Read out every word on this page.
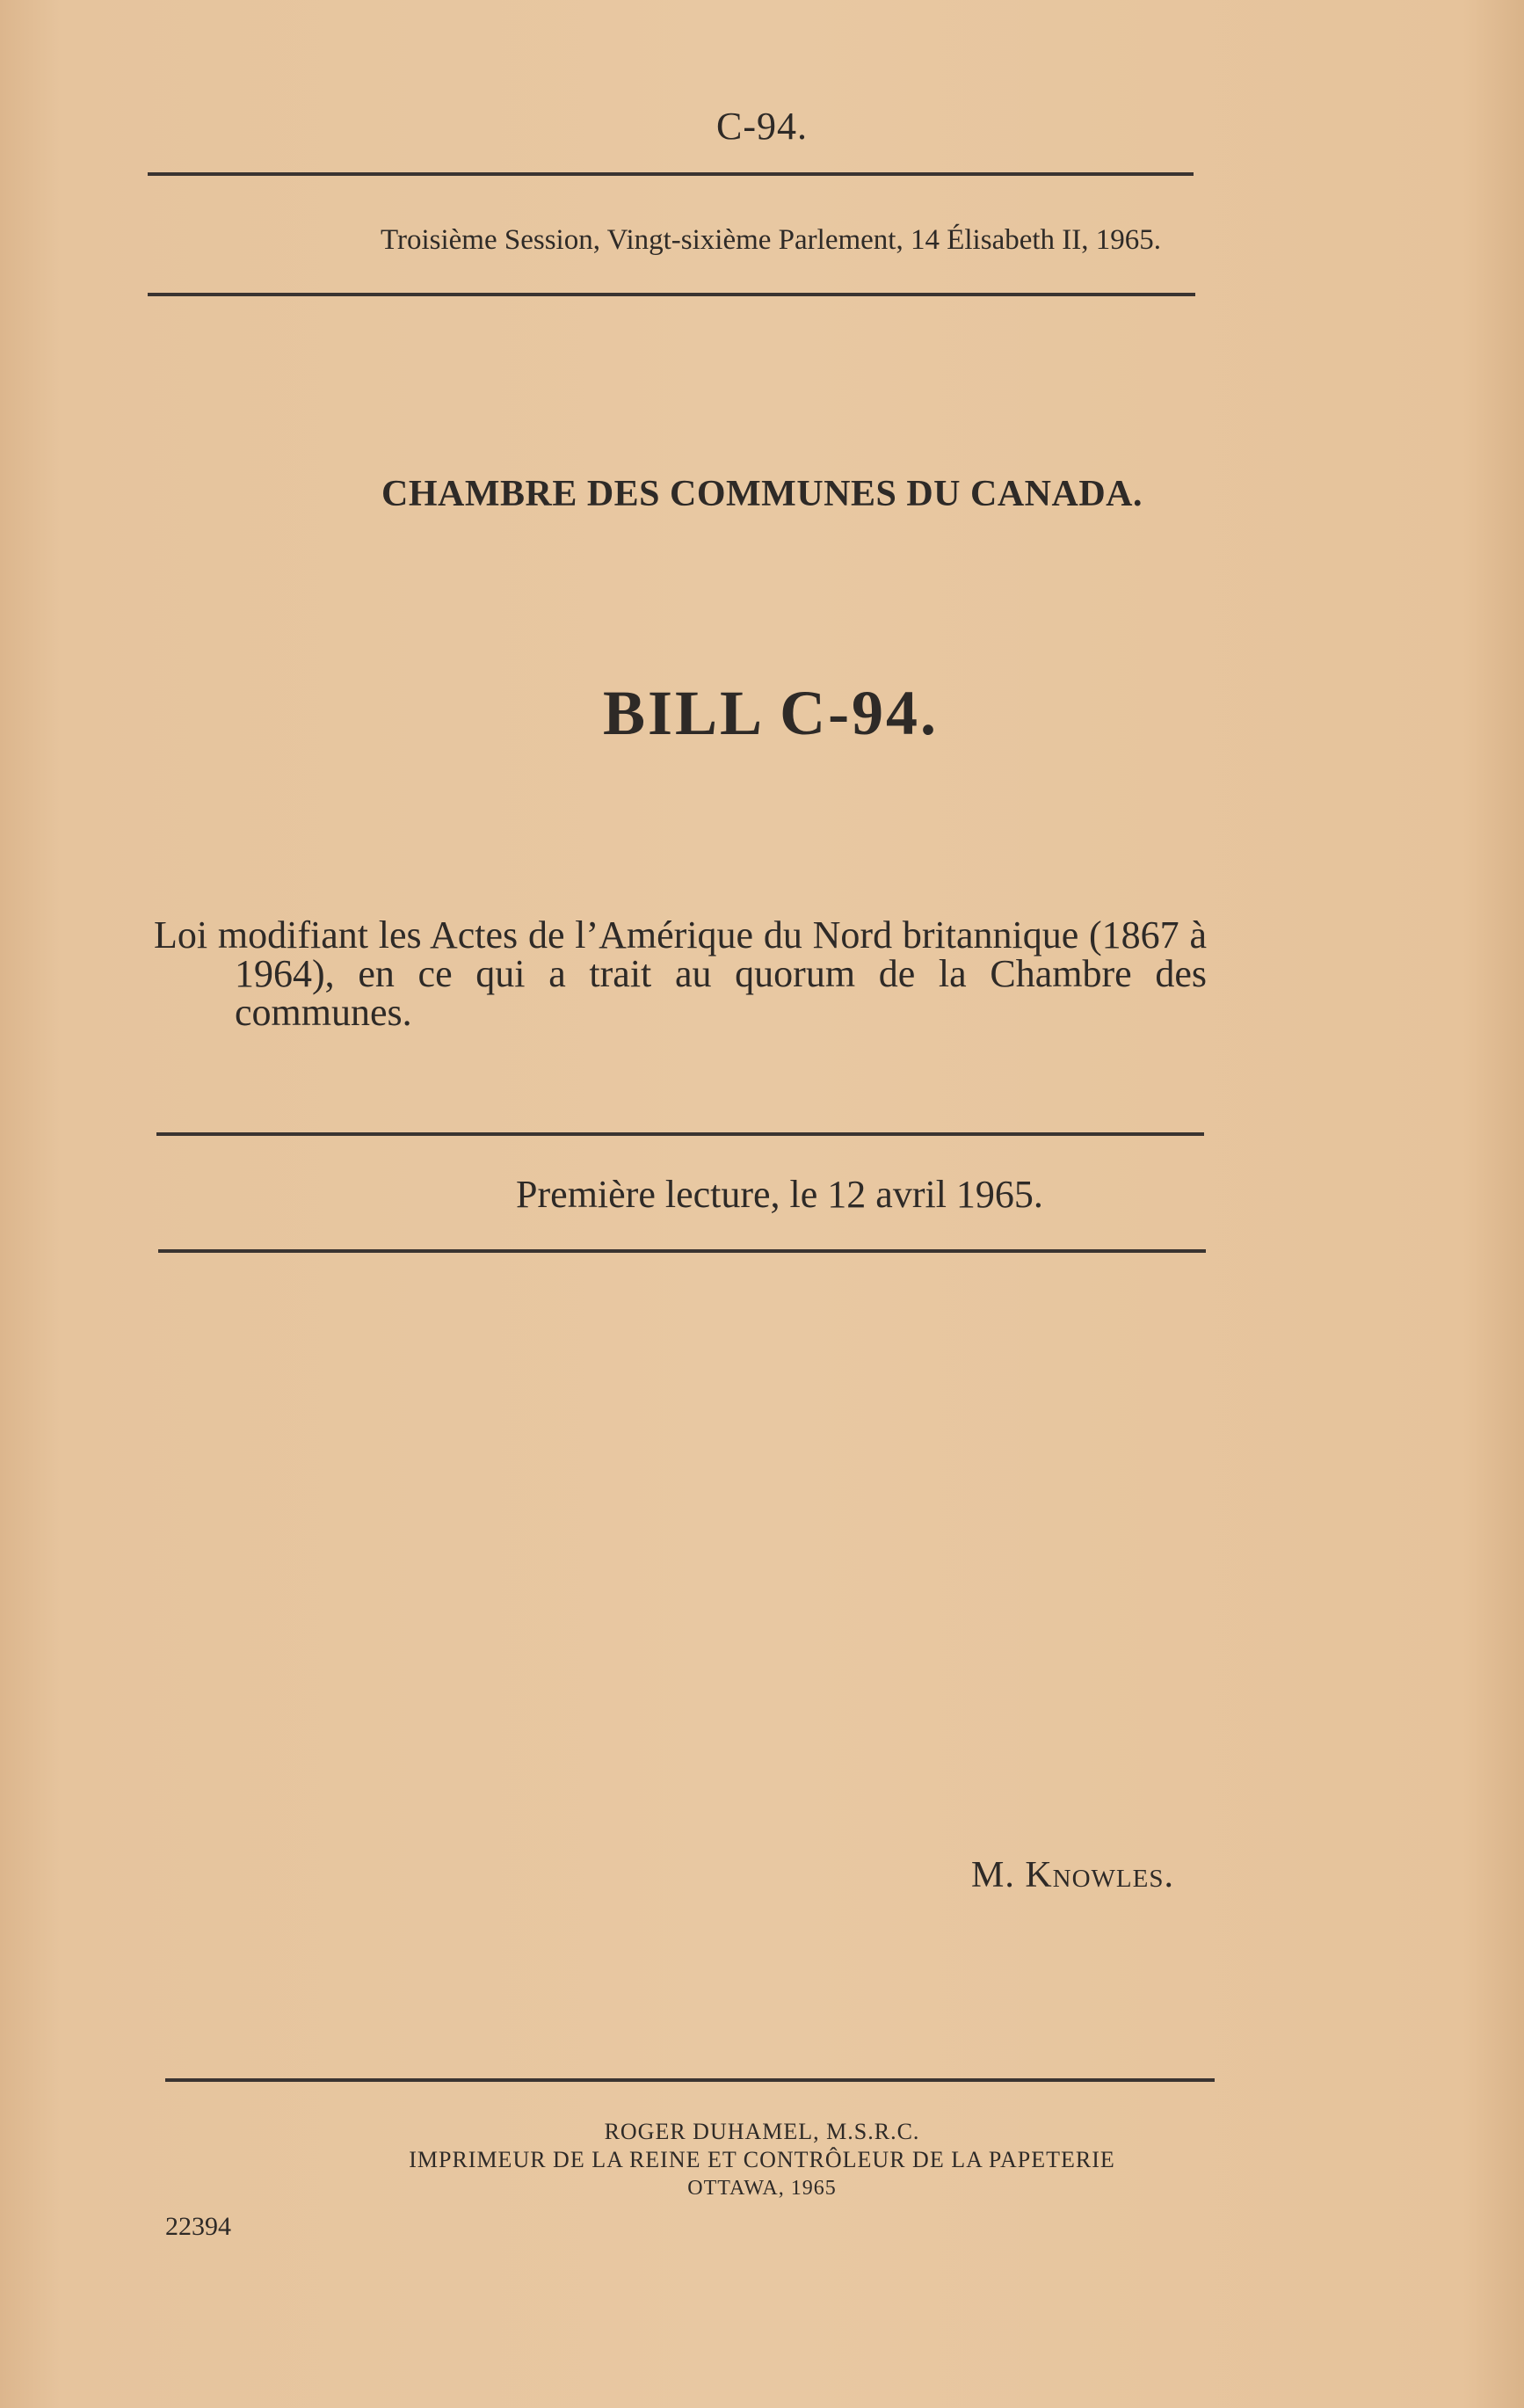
C-94.
Troisième Session, Vingt-sixième Parlement, 14 Élisabeth II, 1965.
CHAMBRE DES COMMUNES DU CANADA.
BILL C-94.

Loi modifiant les Actes de l’Amérique du Nord britannique (1867 à 1964), en ce qui a trait au quorum de la Chambre des communes.

Première lecture, le 12 avril 1965.
M. Knowles.
ROGER DUHAMEL, M.S.R.C.
IMPRIMEUR DE LA REINE ET CONTRÔLEUR DE LA PAPETERIE
OTTAWA, 1965
22394
